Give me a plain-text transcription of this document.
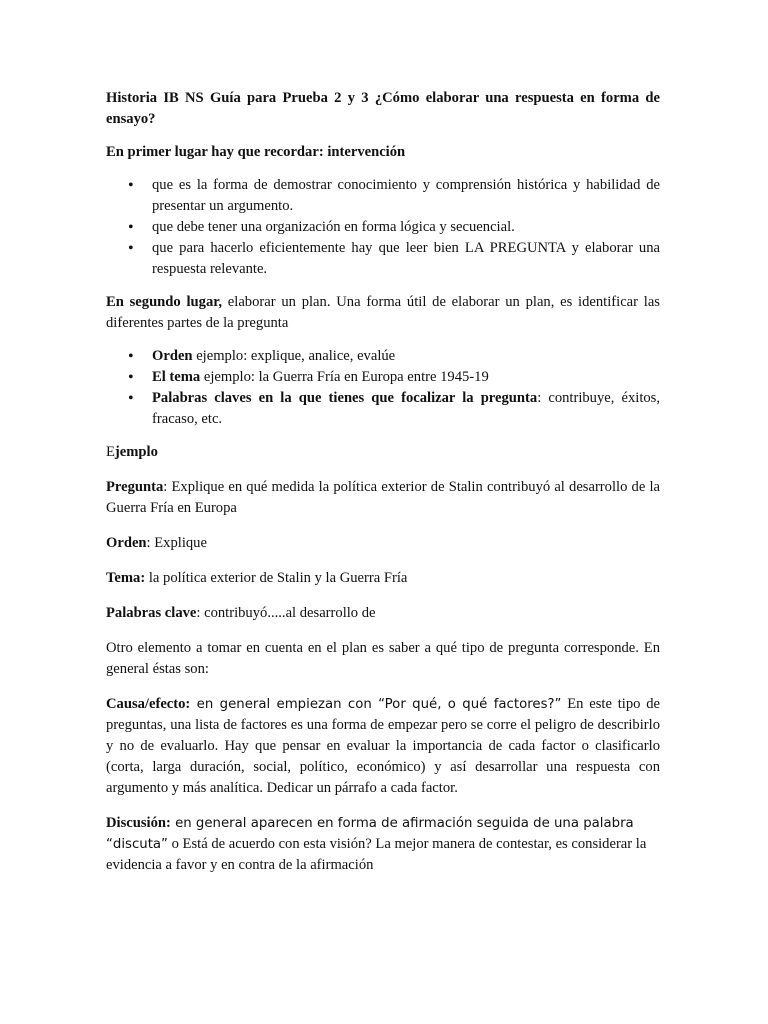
Historia IB NS Guía para Prueba 2 y 3 ¿Cómo elaborar una respuesta en forma de ensayo?

En primer lugar hay que recordar: intervención

• que es la forma de demostrar conocimiento y comprensión histórica y habilidad de presentar un argumento.
• que debe tener una organización en forma lógica y secuencial.
• que para hacerlo eficientemente hay que leer bien LA PREGUNTA y elaborar una respuesta relevante.

En segundo lugar, elaborar un plan. Una forma útil de elaborar un plan, es identificar las diferentes partes de la pregunta

• Orden ejemplo: explique, analice, evalúe
• El tema ejemplo: la Guerra Fría en Europa entre 1945-19
• Palabras claves en la que tienes que focalizar la pregunta: contribuye, éxitos, fracaso, etc.

Ejemplo

Pregunta: Explique en qué medida la política exterior de Stalin contribuyó al desarrollo de la Guerra Fría en Europa

Orden: Explique

Tema: la política exterior de Stalin y la Guerra Fría

Palabras clave: contribuyó.....al desarrollo de

Otro elemento a tomar en cuenta en el plan es saber a qué tipo de pregunta corresponde. En general éstas son:

Causa/efecto: en general empiezan con “Por qué, o qué factores?” En este tipo de preguntas, una lista de factores es una forma de empezar pero se corre el peligro de describirlo y no de evaluarlo. Hay que pensar en evaluar la importancia de cada factor o clasificarlo (corta, larga duración, social, político, económico) y así desarrollar una respuesta con argumento y más analítica. Dedicar un párrafo a cada factor.

Discusión: en general aparecen en forma de afirmación seguida de una palabra “discuta” o Está de acuerdo con esta visión? La mejor manera de contestar, es considerar la evidencia a favor y en contra de la afirmación
